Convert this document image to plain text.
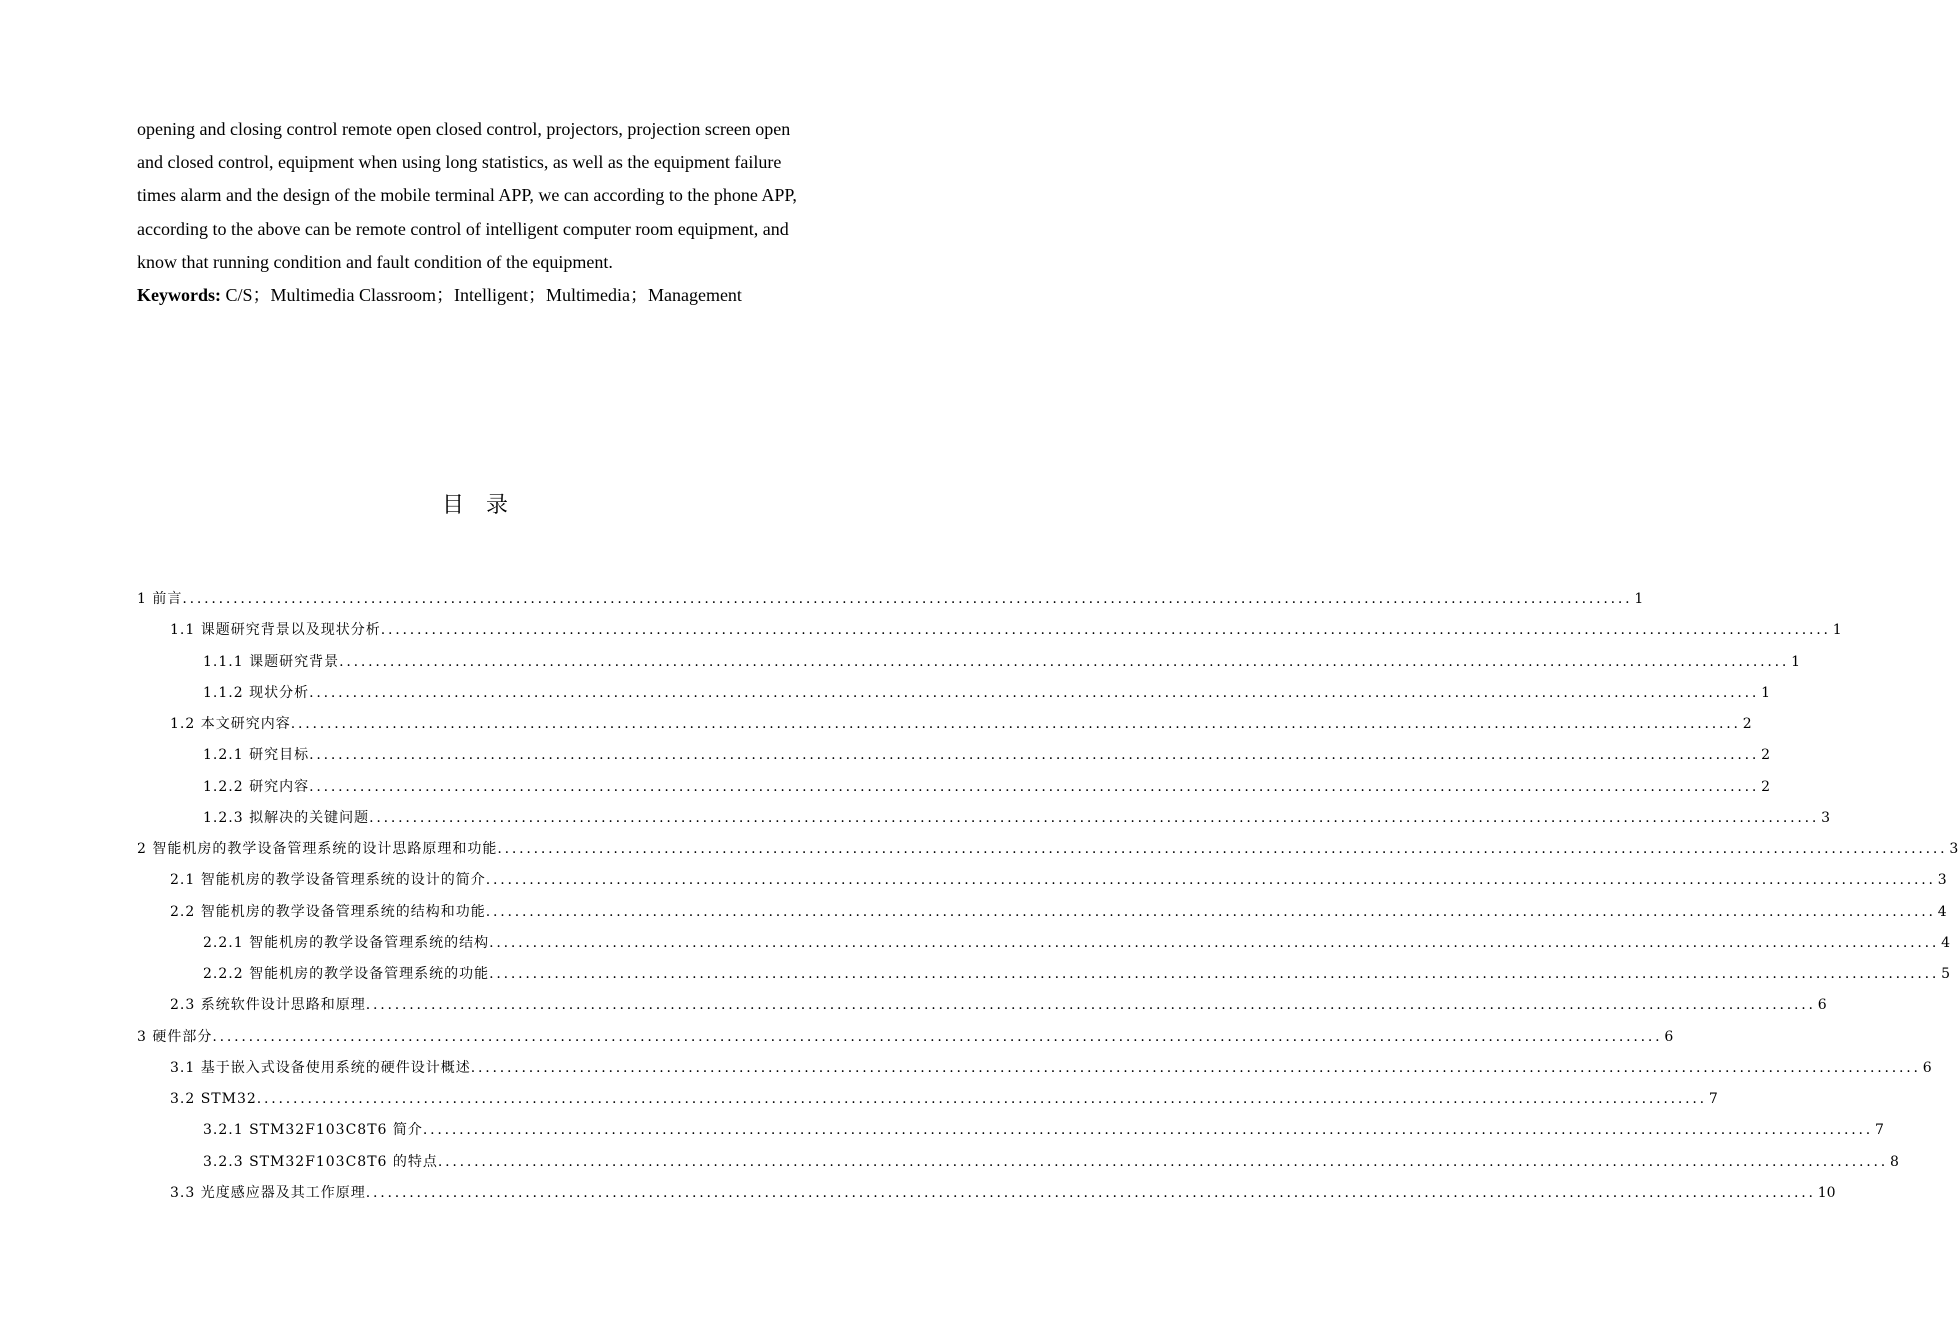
opening and closing control remote open closed control, projectors, projection screen open
and closed control, equipment when using long statistics, as well as the equipment failure
times alarm and the design of the mobile terminal APP, we can according to the phone APP,
according to the above can be remote control of intelligent computer room equipment, and
know that running condition and fault condition of the equipment.
Keywords: C/S；Multimedia Classroom；Intelligent；Multimedia；Management
目录
1 前言 ........................................................................................................................................................................................................ 1
1.1 课题研究背景以及现状分析 ........................................................................................................................................................................................................ 1
1.1.1 课题研究背景 ........................................................................................................................................................................................................ 1
1.1.2 现状分析 ........................................................................................................................................................................................................ 1
1.2 本文研究内容 ........................................................................................................................................................................................................ 2
1.2.1 研究目标 ........................................................................................................................................................................................................ 2
1.2.2 研究内容 ........................................................................................................................................................................................................ 2
1.2.3 拟解决的关键问题 ........................................................................................................................................................................................................ 3
2 智能机房的教学设备管理系统的设计思路原理和功能 ........................................................................................................................................................................................................ 3
2.1 智能机房的教学设备管理系统的设计的简介 ........................................................................................................................................................................................................ 3
2.2 智能机房的教学设备管理系统的结构和功能 ........................................................................................................................................................................................................ 4
2.2.1 智能机房的教学设备管理系统的结构 ........................................................................................................................................................................................................ 4
2.2.2 智能机房的教学设备管理系统的功能 ........................................................................................................................................................................................................ 5
2.3 系统软件设计思路和原理 ........................................................................................................................................................................................................ 6
3 硬件部分 ........................................................................................................................................................................................................ 6
3.1 基于嵌入式设备使用系统的硬件设计概述 ........................................................................................................................................................................................................ 6
3.2 STM32 ........................................................................................................................................................................................................ 7
3.2.1 STM32F103C8T6 简介 ........................................................................................................................................................................................................ 7
3.2.3 STM32F103C8T6 的特点 ........................................................................................................................................................................................................ 8
3.3 光度感应器及其工作原理 ........................................................................................................................................................................................................ 10
